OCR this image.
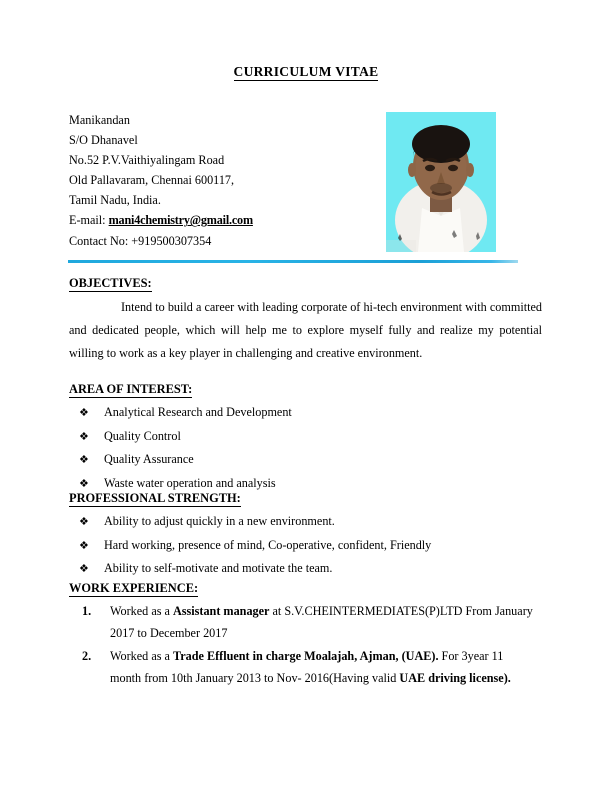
CURRICULUM VITAE
Manikandan
S/O Dhanavel
No.52 P.V.Vaithiyalingam Road
Old Pallavaram, Chennai 600117,
Tamil Nadu, India.
E-mail: mani4chemistry@gmail.com
Contact No: +919500307354
OBJECTIVES:
Intend to build a career with leading corporate of hi-tech environment with committed and dedicated people, which will help me to explore myself fully and realize my potential willing to work as a key player in challenging and creative environment.
AREA OF INTEREST:
❖	Analytical Research and Development
❖	Quality Control
❖	Quality Assurance
❖	Waste water operation and analysis
PROFESSIONAL STRENGTH:
❖	Ability to adjust quickly in a new environment.
❖	Hard working, presence of mind, Co-operative, confident, Friendly
❖	Ability to self-motivate and motivate the team.
WORK EXPERIENCE:
1.	Worked as a Assistant manager at S.V.CHEINTERMEDIATES(P)LTD From January 2017 to December 2017
2.	Worked as a Trade Effluent in charge Moalajah, Ajman, (UAE). For 3year 11 month from 10th January 2013 to Nov- 2016(Having valid UAE driving license).
